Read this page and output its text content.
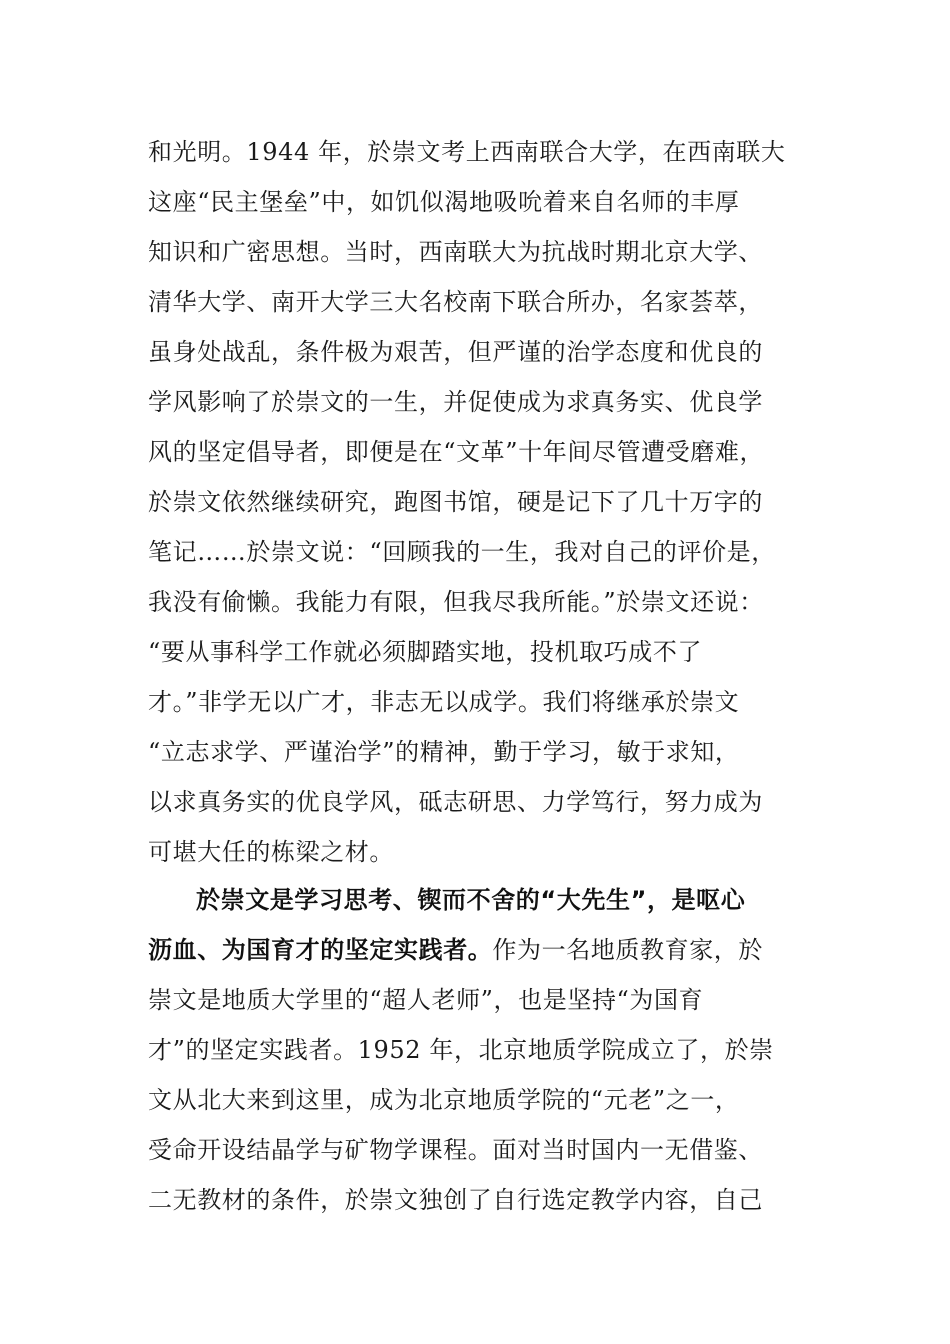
和光明。1944 年，於崇文考上西南联合大学，在西南联大
这座“民主堡垒”中，如饥似渴地吸吮着来自名师的丰厚
知识和广密思想。当时，西南联大为抗战时期北京大学、
清华大学、南开大学三大名校南下联合所办，名家荟萃，
虽身处战乱，条件极为艰苦，但严谨的治学态度和优良的
学风影响了於崇文的一生，并促使成为求真务实、优良学
风的坚定倡导者，即便是在“文革”十年间尽管遭受磨难，
於崇文依然继续研究，跑图书馆，硬是记下了几十万字的
笔记……於崇文说：“回顾我的一生，我对自己的评价是，
我没有偷懒。我能力有限，但我尽我所能。”於崇文还说：
“要从事科学工作就必须脚踏实地，投机取巧成不了
才。”非学无以广才，非志无以成学。我们将继承於崇文
“立志求学、严谨治学”的精神，勤于学习，敏于求知，
以求真务实的优良学风，砥志研思、力学笃行，努力成为
可堪大任的栋梁之材。
於崇文是学习思考、锲而不舍的“大先生”，是呕心
沥血、为国育才的坚定实践者。作为一名地质教育家，於
崇文是地质大学里的“超人老师”，也是坚持“为国育
才”的坚定实践者。1952 年，北京地质学院成立了，於崇
文从北大来到这里，成为北京地质学院的“元老”之一，
受命开设结晶学与矿物学课程。面对当时国内一无借鉴、
二无教材的条件，於崇文独创了自行选定教学内容，自己
